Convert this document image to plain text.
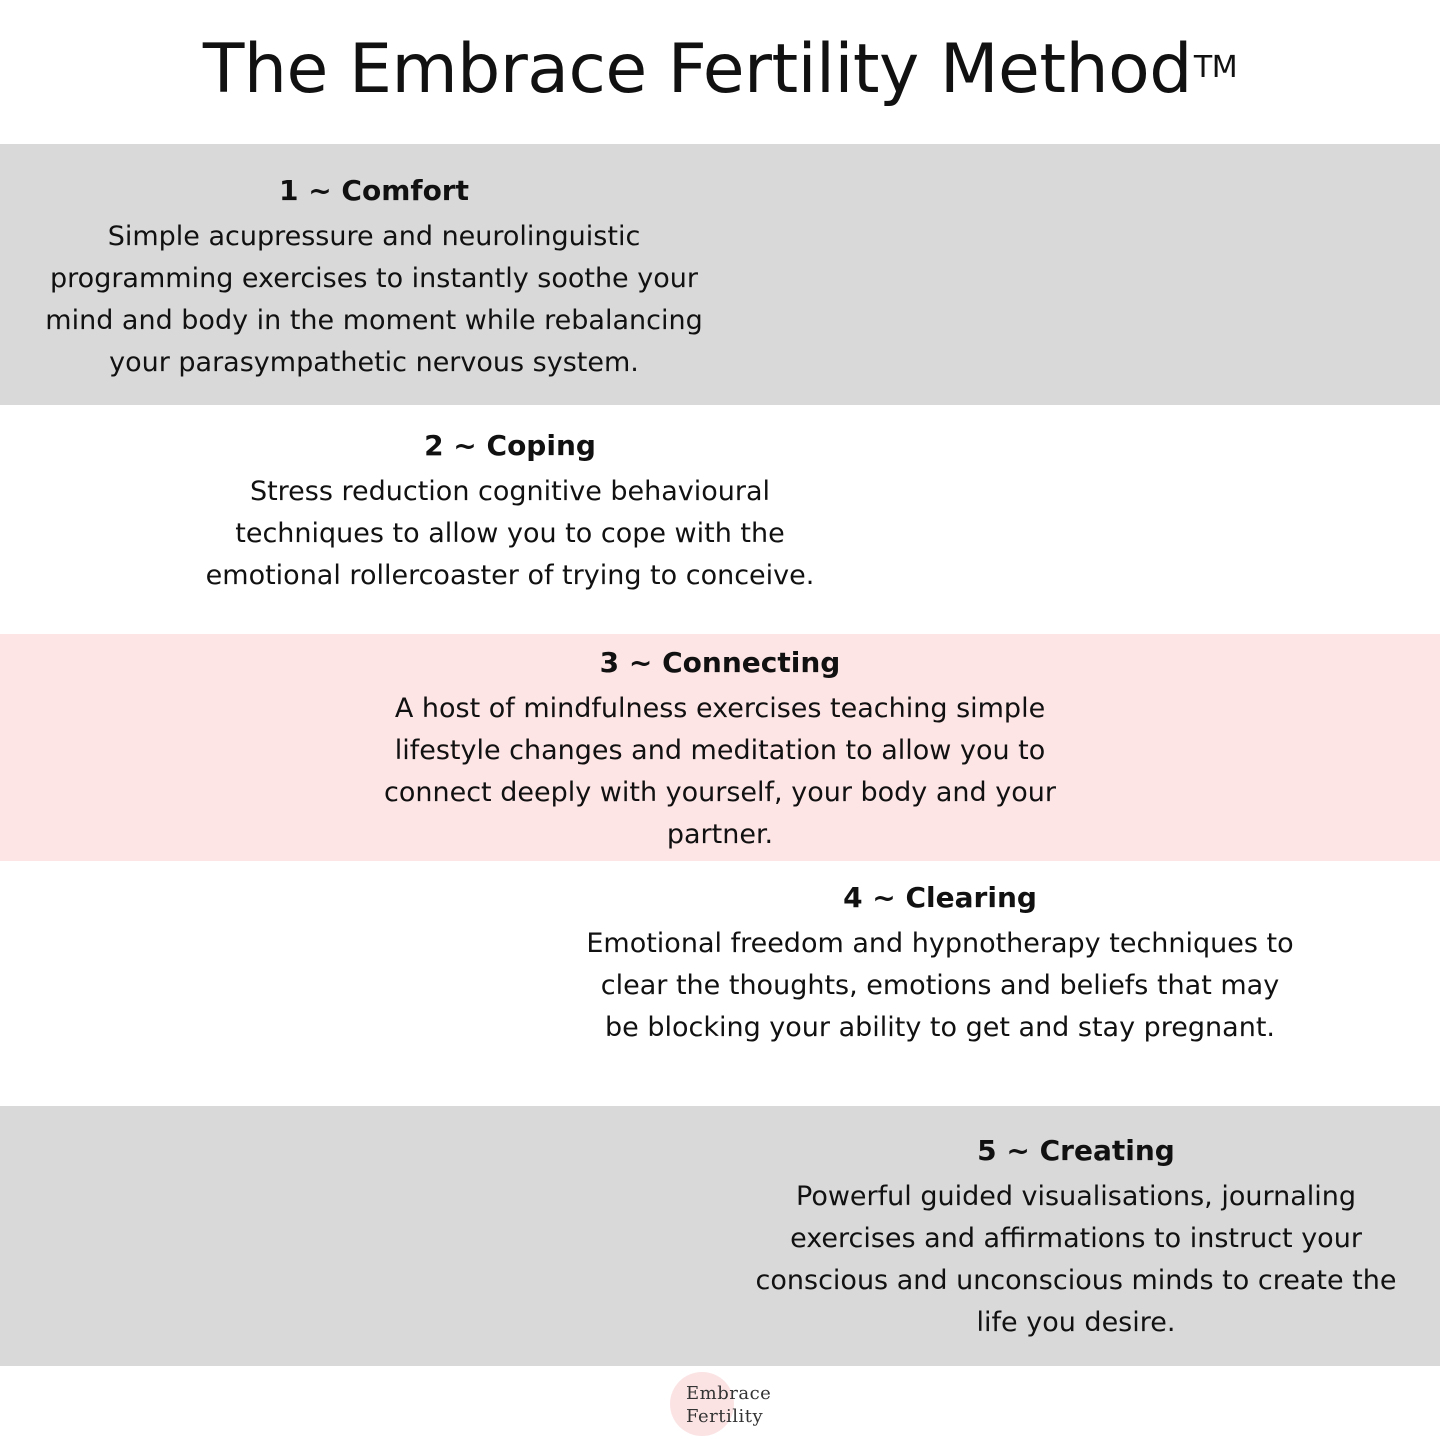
The Embrace Fertility Method™
1 ~ Comfort

Simple acupressure and neurolinguistic programming exercises to instantly soothe your mind and body in the moment while rebalancing your parasympathetic nervous system.

2 ~ Coping

Stress reduction cognitive behavioural techniques to allow you to cope with the emotional rollercoaster of trying to conceive.

3 ~ Connecting

A host of mindfulness exercises teaching simple lifestyle changes and meditation to allow you to connect deeply with yourself, your body and your partner.

4 ~ Clearing

Emotional freedom and hypnotherapy techniques to clear the thoughts, emotions and beliefs that may be blocking your ability to get and stay pregnant.

5 ~ Creating

Powerful guided visualisations, journaling exercises and affirmations to instruct your conscious and unconscious minds to create the life you desire.

Embrace
Fertility
